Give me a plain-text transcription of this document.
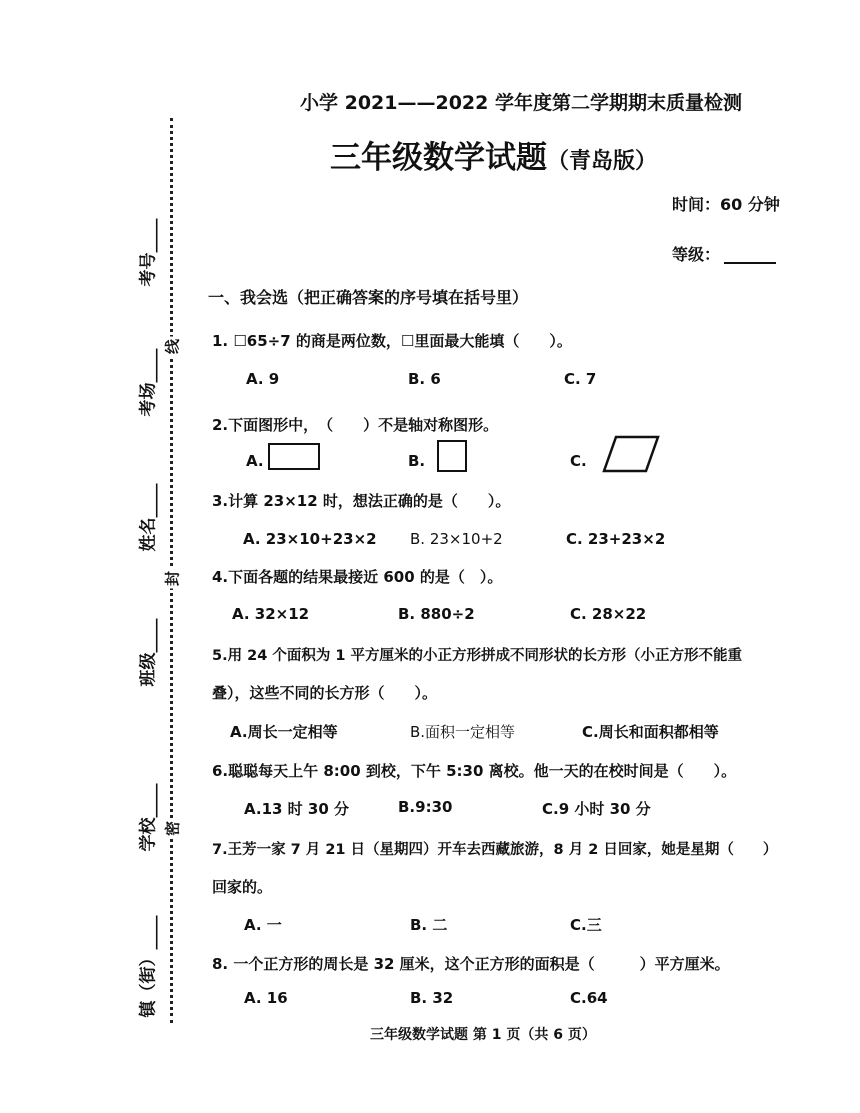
考号____
考场____
姓名____
班级____
学校____
镇（街）____
线
封
密
小学 2021——2022 学年度第二学期期末质量检测
三年级数学试题（青岛版）
时间：60 分钟
等级：
一、我会选（把正确答案的序号填在括号里）
1. ☐65÷7 的商是两位数，☐里面最大能填（　　）。
A. 9	B. 6	C. 7
2.下面图形中，　（　　）不是轴对称图形。
A.	B.	C.
3.计算 23×12 时，想法正确的是（　　）。
A. 23×10+23×2 B. 23×10+2	C. 23+23×2
4.下面各题的结果最接近 600 的是（　）。
A. 32×12	B. 880÷2	C. 28×22
5.用 24 个面积为 1 平方厘米的小正方形拼成不同形状的长方形（小正方形不能重
叠），这些不同的长方形（　　）。
A.周长一定相等	B.面积一定相等	C.周长和面积都相等
6.聪聪每天上午 8:00 到校，下午 5:30 离校。他一天的在校时间是（　　）。
A.13 时 30 分	B.9:30	C.9 小时 30 分
7.王芳一家 7 月 21 日（星期四）开车去西藏旅游，8 月 2 日回家，她是星期（　　）
回家的。
A. 一	B. 二	C.三
8. 一个正方形的周长是 32 厘米，这个正方形的面积是（　　　）平方厘米。
A. 16	B. 32	C.64
三年级数学试题 第 1 页（共 6 页）
